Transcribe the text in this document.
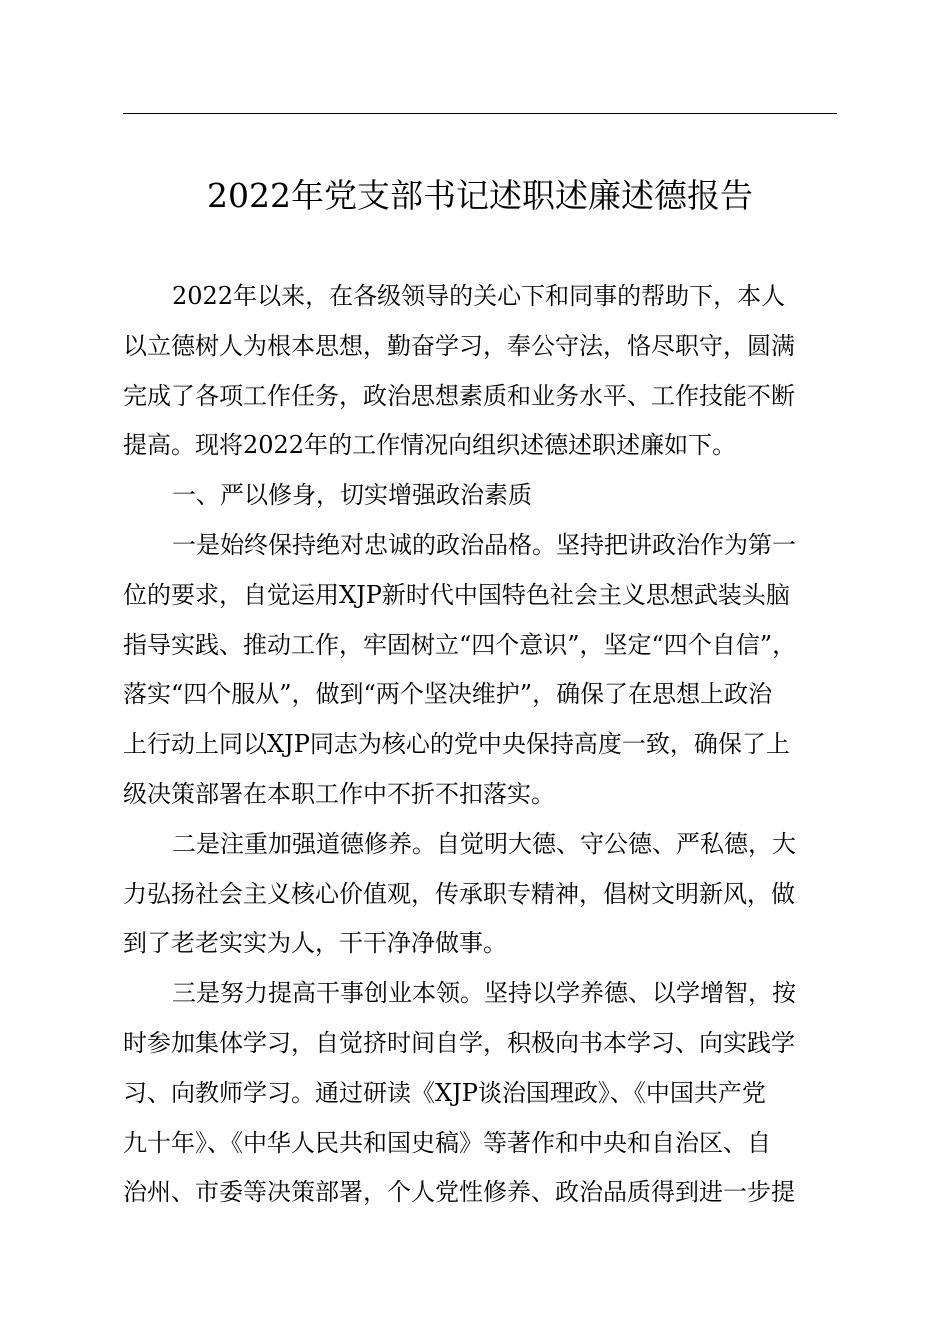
2022年党支部书记述职述廉述德报告
2022年以来，在各级领导的关心下和同事的帮助下，本人
以立德树人为根本思想，勤奋学习，奉公守法，恪尽职守，圆满
完成了各项工作任务，政治思想素质和业务水平、工作技能不断
提高。现将2022年的工作情况向组织述德述职述廉如下。
一、严以修身，切实增强政治素质
一是始终保持绝对忠诚的政治品格。坚持把讲政治作为第一
位的要求，自觉运用XJP新时代中国特色社会主义思想武装头脑
指导实践、推动工作，牢固树立“四个意识”，坚定“四个自信”，
落实“四个服从”，做到“两个坚决维护”，确保了在思想上政治
上行动上同以XJP同志为核心的党中央保持高度一致，确保了上
级决策部署在本职工作中不折不扣落实。
二是注重加强道德修养。自觉明大德、守公德、严私德，大
力弘扬社会主义核心价值观，传承职专精神，倡树文明新风，做
到了老老实实为人，干干净净做事。
三是努力提高干事创业本领。坚持以学养德、以学增智，按
时参加集体学习，自觉挤时间自学，积极向书本学习、向实践学
习、向教师学习。通过研读《XJP谈治国理政》、《中国共产党
九十年》、《中华人民共和国史稿》等著作和中央和自治区、自
治州、市委等决策部署，个人党性修养、政治品质得到进一步提
